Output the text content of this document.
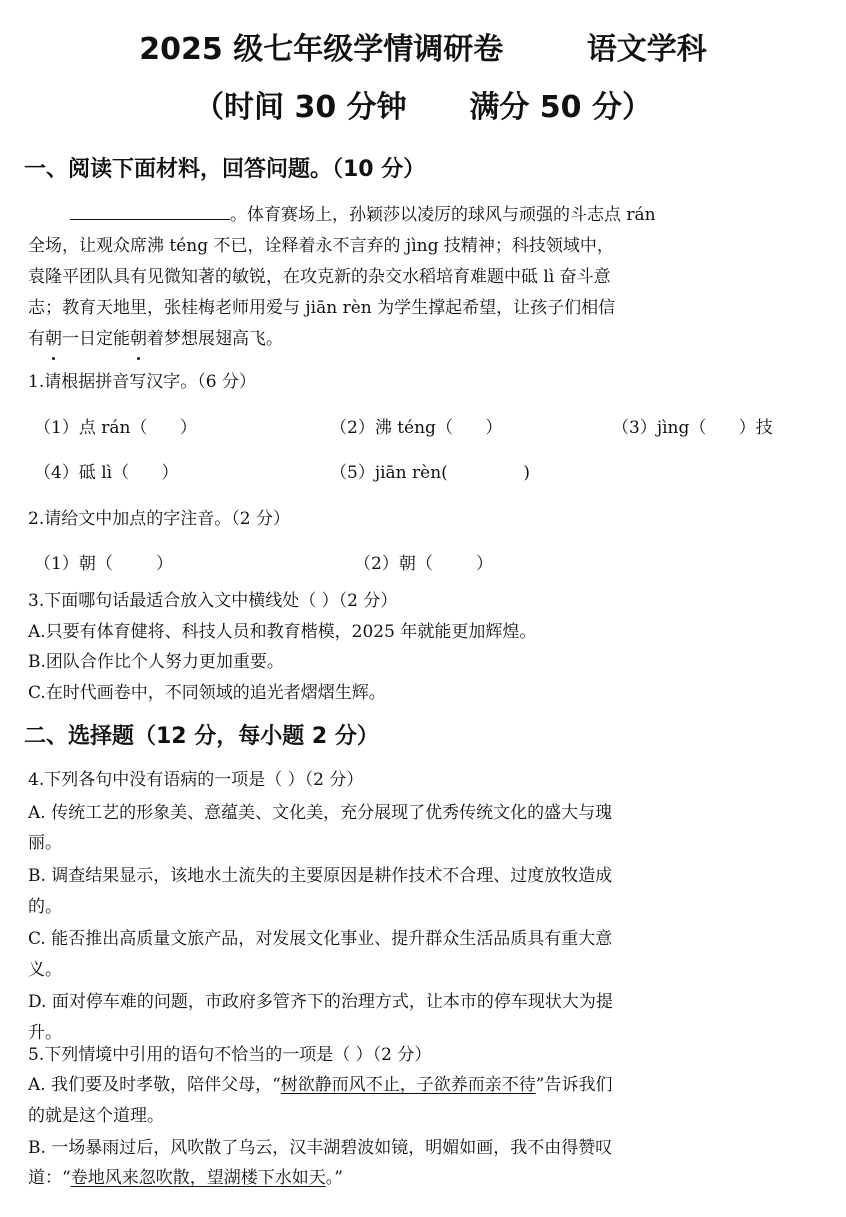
2025 级七年级学情调研卷        语文学科
（时间 30 分钟      满分 50 分）
一、阅读下面材料，回答问题。（10 分）
。体育赛场上，孙颖莎以凌厉的球风与顽强的斗志点 rán
全场，让观众席沸 téng 不已，诠释着永不言弃的 jìng 技精神；科技领域中，
袁隆平团队具有见微知著的敏锐，在攻克新的杂交水稻培育难题中砥 lì 奋斗意
志；教育天地里，张桂梅老师用爱与 jiān rèn 为学生撑起希望，让孩子们相信
有朝一日定能朝着梦想展翅高飞。
1.请根据拼音写汉字。（6 分）
（1）点 rán（      ）	（2）沸 téng（      ）	（3）jìng（      ）技
（4）砥 lì（      ）	（5）jiān rèn(              )
2.请给文中加点的字注音。（2 分）
（1）朝（        ）	（2）朝（        ）
3.下面哪句话最适合放入文中横线处（ ）（2 分）
A.只要有体育健将、科技人员和教育楷模，2025 年就能更加辉煌。
B.团队合作比个人努力更加重要。
C.在时代画卷中，不同领域的追光者熠熠生辉。
二、选择题（12 分，每小题 2 分）
4.下列各句中没有语病的一项是（ ）（2 分）
A. 传统工艺的形象美、意蕴美、文化美，充分展现了优秀传统文化的盛大与瑰
丽。
B. 调查结果显示，该地水土流失的主要原因是耕作技术不合理、过度放牧造成
的。
C. 能否推出高质量文旅产品，对发展文化事业、提升群众生活品质具有重大意
义。
D. 面对停车难的问题，市政府多管齐下的治理方式，让本市的停车现状大为提
升。
5.下列情境中引用的语句不恰当的一项是（ ）（2 分）
A. 我们要及时孝敬，陪伴父母，“树欲静而风不止，子欲养而亲不待”告诉我们
的就是这个道理。
B. 一场暴雨过后，风吹散了乌云，汉丰湖碧波如镜，明媚如画，我不由得赞叹
道：“卷地风来忽吹散，望湖楼下水如天。”
